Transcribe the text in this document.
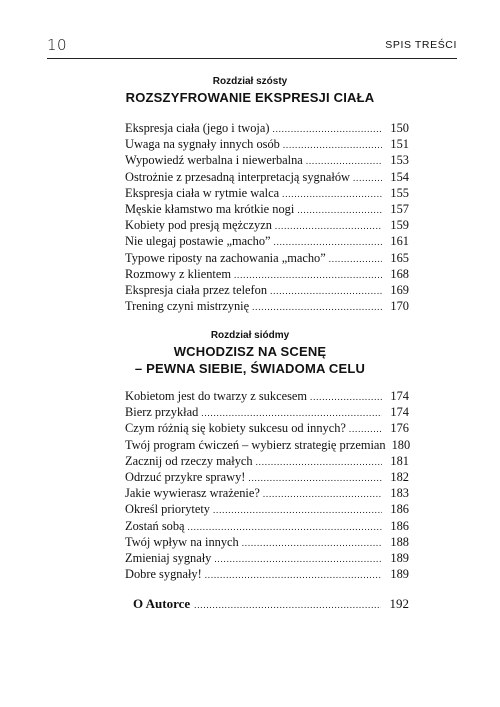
10	SPIS TREŚCI
Rozdział szósty
ROZSZYFROWANIE EKSPRESJI CIAŁA
Ekspresja ciała (jego i twoja) .....	150
Uwaga na sygnały innych osób .....	151
Wypowiedź werbalna i niewerbalna .....	153
Ostrożnie z przesadną interpretacją sygnałów .....	154
Ekspresja ciała w rytmie walca .....	155
Męskie kłamstwo ma krótkie nogi .....	157
Kobiety pod presją mężczyzn .....	159
Nie ulegaj postawie „macho” .....	161
Typowe riposty na zachowania „macho” .....	165
Rozmowy z klientem .....	168
Ekspresja ciała przez telefon .....	169
Trening czyni mistrzynię .....	170
Rozdział siódmy
WCHODZISZ NA SCENĘ
– PEWNA SIEBIE, ŚWIADOMA CELU
Kobietom jest do twarzy z sukcesem .....	174
Bierz przykład .....	174
Czym różnią się kobiety sukcesu od innych? .....	176
Twój program ćwiczeń – wybierz strategię przemian 180
Zacznij od rzeczy małych .....	181
Odrzuć przykre sprawy! .....	182
Jakie wywierasz wrażenie? .....	183
Określ priorytety .....	186
Zostań sobą .....	186
Twój wpływ na innych .....	188
Zmieniaj sygnały .....	189
Dobre sygnały! .....	189
O Autorce .....	192
